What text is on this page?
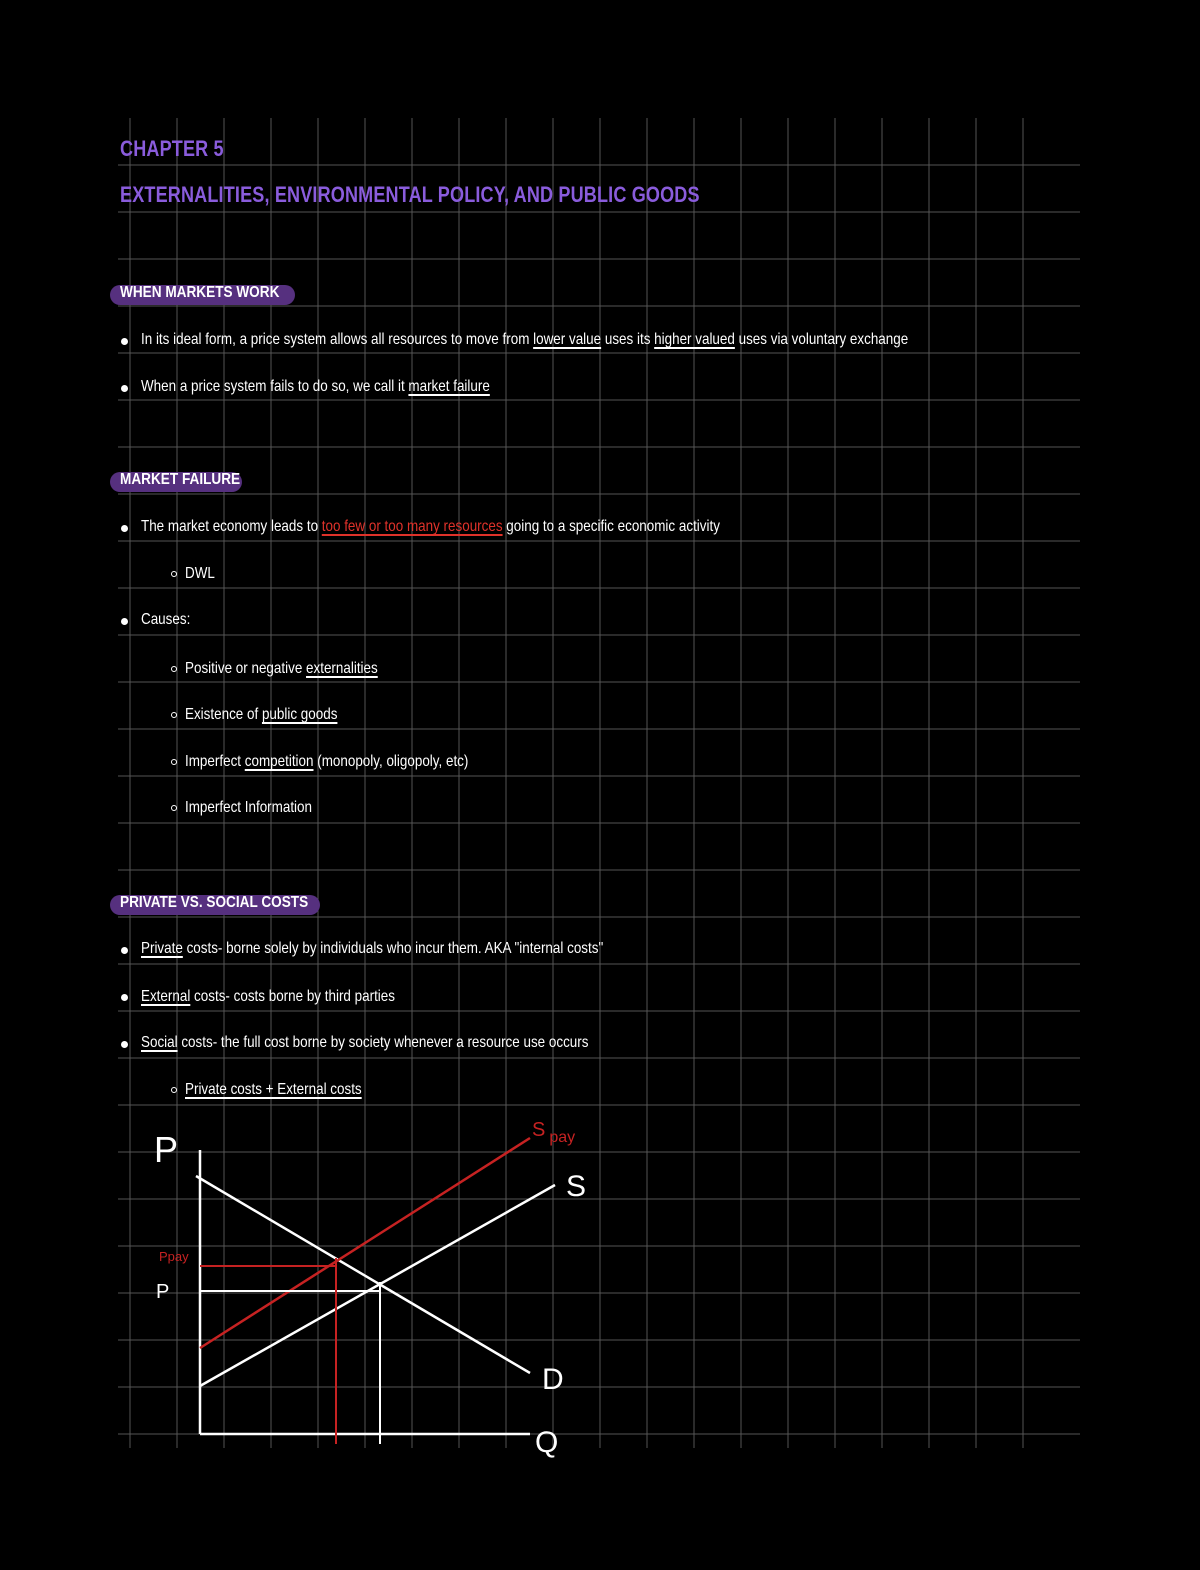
CHAPTER 5
EXTERNALITIES, ENVIRONMENTAL POLICY, AND PUBLIC GOODS
WHEN MARKETS WORK
In its ideal form, a price system allows all resources to move from lower value uses its higher valued uses via voluntary exchange
When a price system fails to do so, we call it market failure
MARKET FAILURE
The market economy leads to too few or too many resources going to a specific economic activity
DWL
Causes:
Positive or negative externalities
Existence of public goods
Imperfect competition (monopoly, oligopoly, etc)
Imperfect Information
PRIVATE VS. SOCIAL COSTS
Private costs- borne solely by individuals who incur them. AKA "internal costs"
External costs- costs borne by third parties
Social costs- the full cost borne by society whenever a resource use occurs
Private costs + External costs
P
S
D
Q
S $_{pay}$
Ppay
P
